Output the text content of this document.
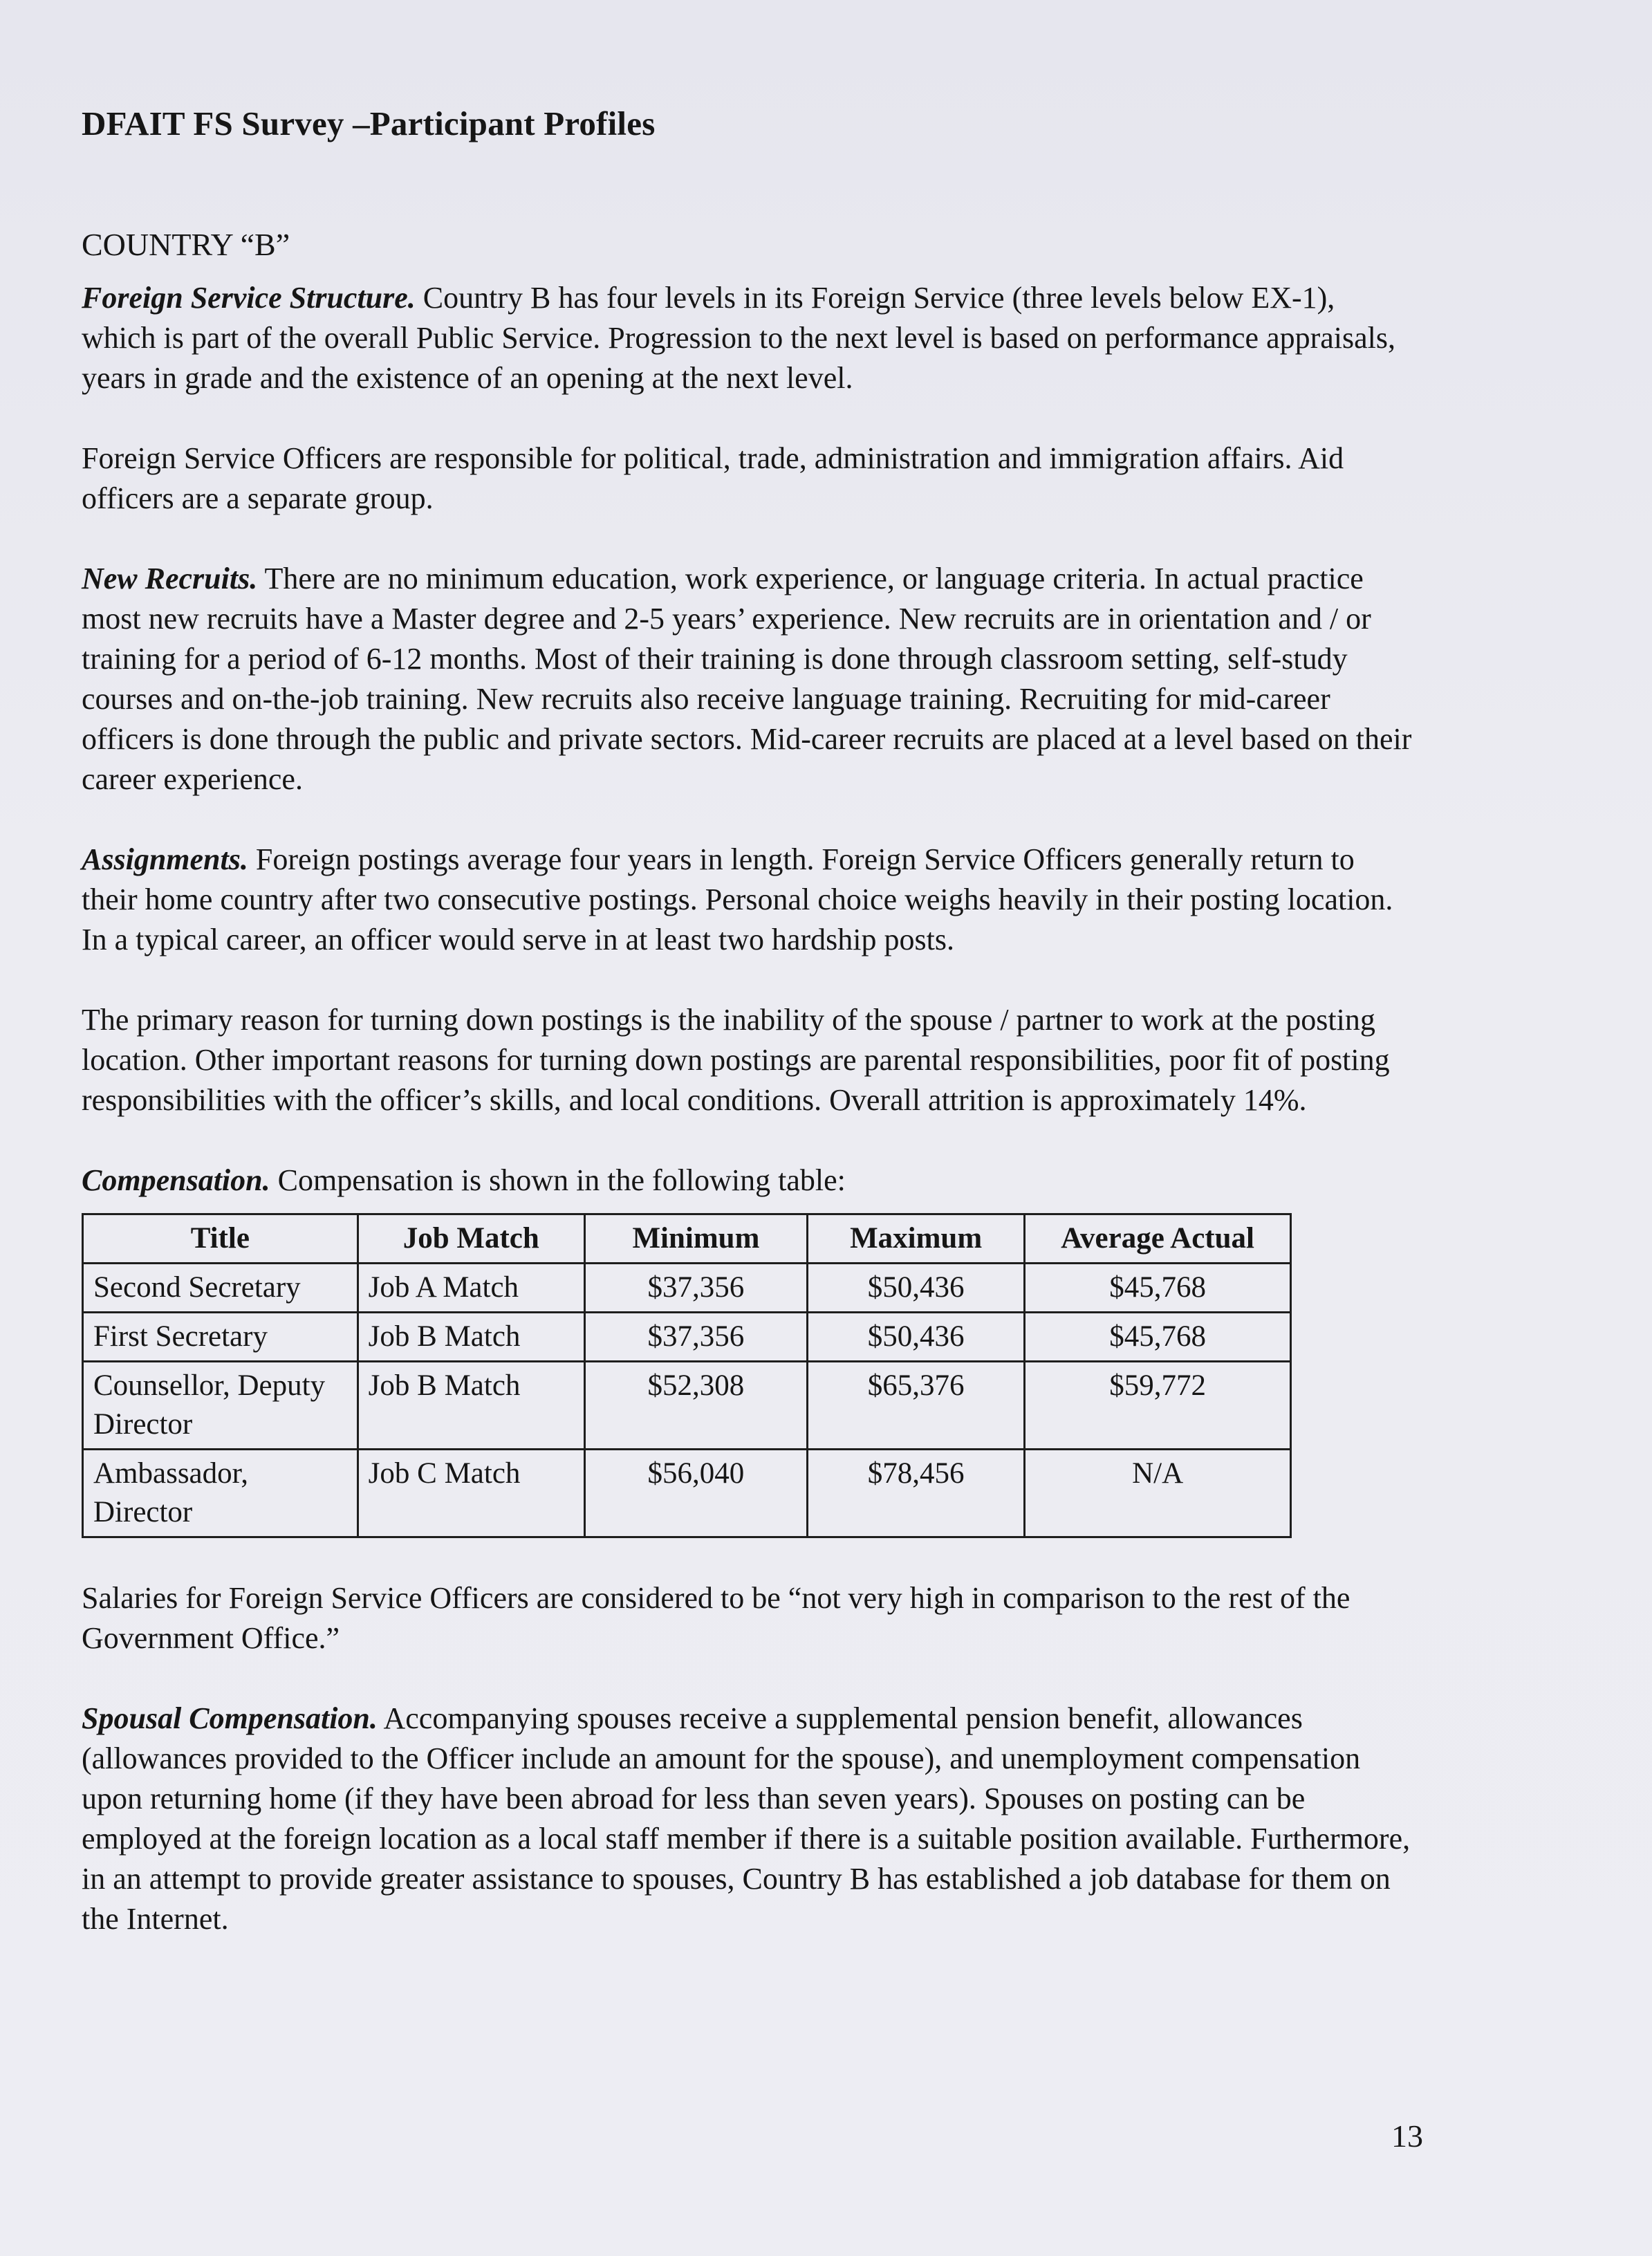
DFAIT FS Survey –Participant Profiles
COUNTRY “B”

Foreign Service Structure. Country B has four levels in its Foreign Service (three levels below EX-1), which is part of the overall Public Service. Progression to the next level is based on performance appraisals, years in grade and the existence of an opening at the next level.

Foreign Service Officers are responsible for political, trade, administration and immigration affairs. Aid officers are a separate group.

New Recruits. There are no minimum education, work experience, or language criteria. In actual practice most new recruits have a Master degree and 2-5 years’ experience. New recruits are in orientation and / or training for a period of 6-12 months. Most of their training is done through classroom setting, self-study courses and on-the-job training. New recruits also receive language training. Recruiting for mid-career officers is done through the public and private sectors. Mid-career recruits are placed at a level based on their career experience.

Assignments. Foreign postings average four years in length. Foreign Service Officers generally return to their home country after two consecutive postings. Personal choice weighs heavily in their posting location. In a typical career, an officer would serve in at least two hardship posts.

The primary reason for turning down postings is the inability of the spouse / partner to work at the posting location. Other important reasons for turning down postings are parental responsibilities, poor fit of posting responsibilities with the officer’s skills, and local conditions. Overall attrition is approximately 14%.

Compensation. Compensation is shown in the following table:

Title	Job Match	Minimum	Maximum	Average Actual
Second Secretary	Job A Match	$37,356	$50,436	$45,768
First Secretary	Job B Match	$37,356	$50,436	$45,768
Counsellor, Deputy Director	Job B Match	$52,308	$65,376	$59,772
Ambassador, Director	Job C Match	$56,040	$78,456	N/A

Salaries for Foreign Service Officers are considered to be “not very high in comparison to the rest of the Government Office.”

Spousal Compensation. Accompanying spouses receive a supplemental pension benefit, allowances (allowances provided to the Officer include an amount for the spouse), and unemployment compensation upon returning home (if they have been abroad for less than seven years). Spouses on posting can be employed at the foreign location as a local staff member if there is a suitable position available. Furthermore, in an attempt to provide greater assistance to spouses, Country B has established a job database for them on the Internet.

13
